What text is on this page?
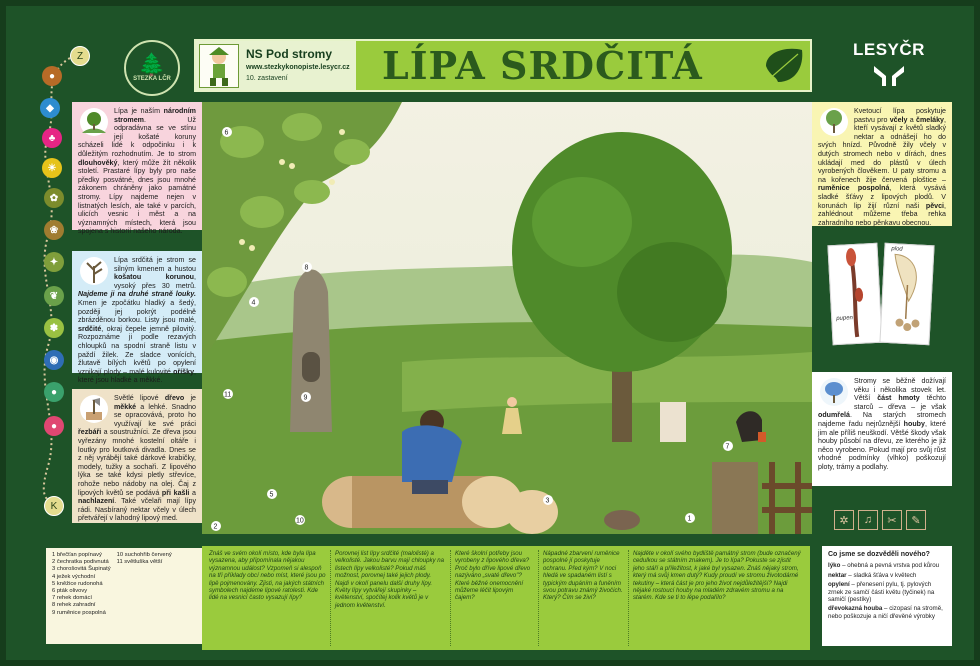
Z
●
◆
♣
☀
✿
❀
✦
❦
✽
◉
●
●
K
🌲
STEZKA LČR
NS Pod stromy
www.stezkykonopiste.lesycr.cz
10. zastavení LÍPA SRDČITÁ	LESYČR
6
8
9
11
2
10
3
5
1
7
4
Lípa je naším národním stromem. Už odpradávna se ve stínu její košaté koruny scházeli lidé k odpočinku i k důležitým rozhodnutím. Je to strom dlouhověký, který může žít několik století. Prastaré lípy byly pro naše předky posvátné, dnes jsou mnohé zákonem chráněny jako památné stromy. Lípy najdeme nejen v listnatých lesích, ale také v parcích, ulicích vesnic i měst a na významných místech, která jsou spojena s historií našeho národa.
Lípa srdčitá je strom se silným kmenem a hustou košatou korunou, vysoký přes 30 metrů. Najdeme ji na druhé straně louky. Kmen je zpočátku hladký a šedý, později jej pokrýt podélně zbrázděnou borkou. Listy jsou malé, srdčité, okraj čepele jemně pilovitý. Rozpoznáme ji podle rezavých chloupků na spodní straně listu v paždí žilek. Ze sladce vonících, žlutavě bílých květů po opylení vznikají plody – malé kulovité oříšky, které jsou hladké a měkké.
Světlé lipové dřevo je měkké a lehké. Snadno se opracovává, proto ho využívají ke své práci řezbáři a soustružníci. Ze dřeva jsou vyřezány mnohé kostelní oltáře i loutky pro loutková divadla. Dnes se z něj vyrábějí také dárkové krabičky, modely, tužky a sochaři. Z lipového lýka se také kdysi pletly střevíce, rohože nebo nádoby na olej. Čaj z lipových květů se podává při kašli a nachlazení. Také včelaři mají lípy rádi. Nasbíraný nektar včely v úlech přetvářejí v lahodný lipový med.
Kvetoucí lípa poskytuje pastvu pro včely a čmeláky, kteří vysávají z květů sladký nektar a odnášejí ho do svých hnízd. Původně žily včely v dutých stromech nebo v dírách, dnes ukládají med do plástů v úlech vyrobených člověkem. U paty stromu a na kořenech žije červená ploštice – ruměnice pospolná, která vysává sladké šťávy z lipových plodů. V korunách lip žijí různí naši pěvci, zahlédnout můžeme třeba rehka zahradního nebo pěnkavu obecnou.
pupen
plod
Stromy se běžně dožívají věku i několika stovek let. Větší část hmoty těchto starců – dřeva – je však odumřelá. Na starých stromech najdeme řadu nejrůznější houby, které jim ale příliš neuškodí. Většé škody však houby působí na dřevu, ze kterého je již něco vyrobeno. Pokud mají pro svůj růst vhodné podmínky (vlhko) poškozují ploty, trámy a podlahy.
✲	♫	✂	✎
1 břečťan popínavý
2 čechratka podivnutá
3 chorošovitá Šupinatý
4 ježek východní
5 kněžice rudonohá
6 pták olivovy
7 rehek domácí
8 rehek zahradní
9 ruměnice pospolná
10 suchohřib červený
11 světluška větší
Znáš ve svém okolí místo, kde byla lípa vysazena, aby připomínala nějakou významnou událost? Vzpomeň si alespoň na tři příklady obcí nebo míst, které jsou po lipě pojmenovány. Zjisti, na jakých státních symbolech najdeme lipové ratolesti. Kde lidé na vesnicí často vysazují lípy?
Porovnej list lípy srdčité (malolisté) a velkolisté. Jakou barvu mají chloupky na listech lípy velkolisté? Pokud máš možnost, porovnej také jejich plody. Najdi v okolí panelu další druhy lípy. Květy lípy vytvářejí skupinky – květenství, spočítej kolik květů je v jednom květenství.
Které školní potřeby jsou vyrobeny z lipového dřeva? Proč bylo dříve lipové dřevo nazýváno „svaté dřevo"? Které běžné onemocnění můžeme léčit lipovým čajem?
Nápadné zbarvení ruměnice pospolné jí poskytuje ochranu. Před kým? V noci hledá ve spadaném listí s typickým dupáním a funěním svou potravu známý živočich. Který? Čím se živí?
Najděte v okolí svého bydliště památný strom (bude označený cedulkou se státním znakem). Je to lípa? Pokuste se zjistit jeho stáří a příležitost, k jaké byl vysazen. Znáš nějaký strom, který má svůj kmen dutý? Kudy proudí ve stromu životodárné tekutiny – která část je pro jeho život nejdůležitější? Najdi nějaké rostoucí houby na mladém zdravém stromu a na starém. Kde se ti to lépe podařilo?
Co jsme se dozvěděli nového?
lýko – ohebná a pevná vrstva pod kůrou
nektar – sladká šťáva v květech
opylení – přenesení pylu, tj. pylových zrnek ze samčí části květu (tyčinek) na samičí (pestíky)
dřevokazná houba – cizopasí na stromě, nebo poškozuje a ničí dřevěné výrobky
